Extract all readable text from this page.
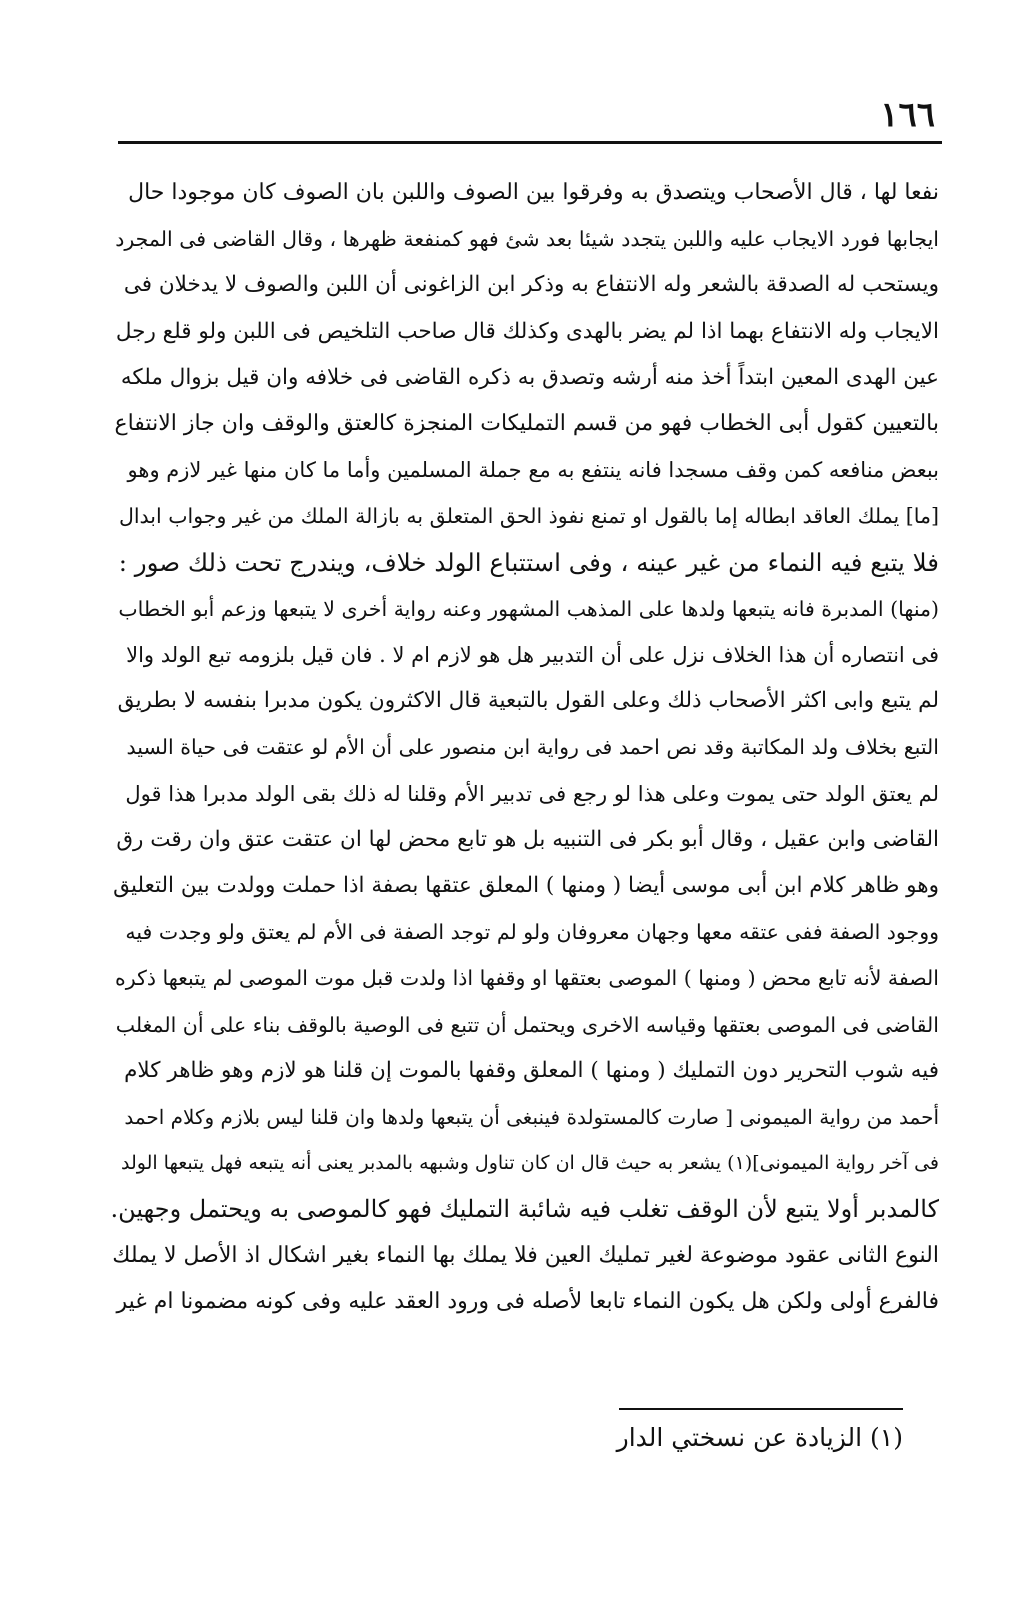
١٦٦
نفعا لها ، قال الأصحاب ويتصدق به وفرقوا بين الصوف واللبن بان الصوف كان موجودا حال
ايجابها فورد الايجاب عليه واللبن يتجدد شيئا بعد شئ فهو كمنفعة ظهرها ، وقال القاضى فى المجرد
ويستحب له الصدقة بالشعر وله الانتفاع به وذكر ابن الزاغونى أن اللبن والصوف لا يدخلان فى
الايجاب وله الانتفاع بهما اذا لم يضر بالهدى وكذلك قال صاحب التلخيص فى اللبن ولو قلع رجل
عين الهدى المعين ابتداً أخذ منه أرشه وتصدق به ذكره القاضى فى خلافه وان قيل بزوال ملكه
بالتعيين كقول أبى الخطاب فهو من قسم التمليكات المنجزة كالعتق والوقف وان جاز الانتفاع
ببعض منافعه كمن وقف مسجدا فانه ينتفع به مع جملة المسلمين وأما ما كان منها غير لازم وهو
[ما] يملك العاقد ابطاله إما بالقول او تمنع نفوذ الحق المتعلق به بازالة الملك من غير وجواب ابدال
فلا يتبع فيه النماء من غير عينه ، وفى استتباع الولد خلاف، ويندرج تحت ذلك صور :
(منها) المدبرة فانه يتبعها ولدها على المذهب المشهور وعنه رواية أخرى لا يتبعها وزعم أبو الخطاب
فى انتصاره أن هذا الخلاف نزل على أن التدبير هل هو لازم ام لا . فان قيل بلزومه تبع الولد والا
لم يتبع وابى اكثر الأصحاب ذلك وعلى القول بالتبعية قال الاكثرون يكون مدبرا بنفسه لا بطريق
التبع بخلاف ولد المكاتبة وقد نص احمد فى رواية ابن منصور على أن الأم لو عتقت فى حياة السيد
لم يعتق الولد حتى يموت وعلى هذا لو رجع فى تدبير الأم وقلنا له ذلك بقى الولد مدبرا هذا قول
القاضى وابن عقيل ، وقال أبو بكر فى التنبيه بل هو تابع محض لها ان عتقت عتق وان رقت رق
وهو ظاهر كلام ابن أبى موسى أيضا ( ومنها ) المعلق عتقها بصفة اذا حملت وولدت بين التعليق
ووجود الصفة ففى عتقه معها وجهان معروفان ولو لم توجد الصفة فى الأم لم يعتق ولو وجدت فيه
الصفة لأنه تابع محض ( ومنها ) الموصى بعتقها او وقفها اذا ولدت قبل موت الموصى لم يتبعها ذكره
القاضى فى الموصى بعتقها وقياسه الاخرى ويحتمل أن تتبع فى الوصية بالوقف بناء على أن المغلب
فيه شوب التحرير دون التمليك ( ومنها ) المعلق وقفها بالموت إن قلنا هو لازم وهو ظاهر كلام
أحمد من رواية الميمونى [ صارت كالمستولدة فينبغى أن يتبعها ولدها وان قلنا ليس بلازم وكلام احمد
فى آخر رواية الميمونى](١) يشعر به حيث قال ان كان تناول وشبهه بالمدبر يعنى أنه يتبعه فهل يتبعها الولد
كالمدبر أولا يتبع لأن الوقف تغلب فيه شائبة التمليك فهو كالموصى به ويحتمل وجهين.
النوع الثانى عقود موضوعة لغير تمليك العين فلا يملك بها النماء بغير اشكال اذ الأصل لا يملك
فالفرع أولى ولكن هل يكون النماء تابعا لأصله فى ورود العقد عليه وفى كونه مضمونا ام غير
(١) الزيادة عن نسختي الدار
